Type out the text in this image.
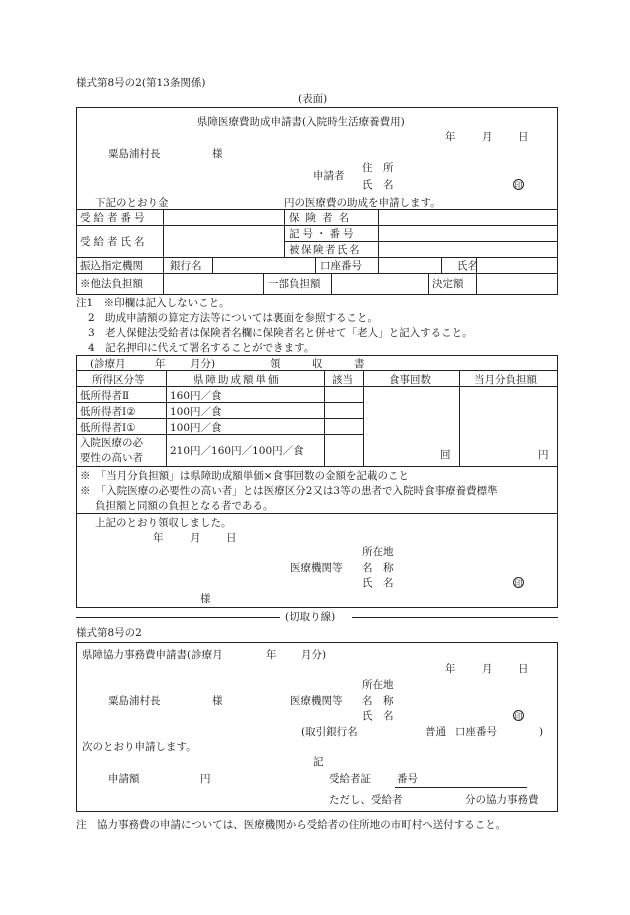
様式第8号の2(第13条関係)
(表面)
県障医療費助成申請書(入院時生活療養費用)
年	月 日
粟島浦村長	様
申請者
住　所
氏　名	印
下記のとおり金	円の医療費の助成を申請します。
受給者番号	保険者名
受給者氏名
記号・番号
被保険者氏名
振込指定機関	銀行名	口座番号	氏名
※他法負担額	一部負担額	決定額
注1　※印欄は記入しないこと。
2　助成申請額の算定方法等については裏面を参照すること。
3　老人保健法受給者は保険者名欄に保険者名と併せて「老人」と記入すること。
4　記名押印に代えて署名することができます。
(診療月	年 月分)	領　　　収　　　書
所得区分等	県障助成額単価	該当	食事回数	当月分負担額
低所得者Ⅱ	160円／食
低所得者Ⅰ②	100円／食
低所得者Ⅰ①	100円／食
入院医療の必
要性の高い者
210円／160円／100円／食	回	円
※　「当月分負担額」は県障助成額単価×食事回数の金額を記載のこと
※　「入院医療の必要性の高い者」とは医療区分2又は3等の患者で入院時食事療養費標準
負担額と同額の負担となる者である。
上記のとおり領収しました。
年	月 日
所在地
医療機関等 名　称
氏　名	印
様
(切取り線)
様式第8号の2
県障協力事務費申請書(診療月	年 月分)
年	月 日
所在地
粟島浦村長	様	医療機関等 名　称
氏　名	印
(取引銀行名	普通 口座番号	)
次のとおり申請します。
記
申請額	円	受給者証 番号
ただし、受給者	分の協力事務費
注　協力事務費の申請については、医療機関から受給者の住所地の市町村へ送付すること。
